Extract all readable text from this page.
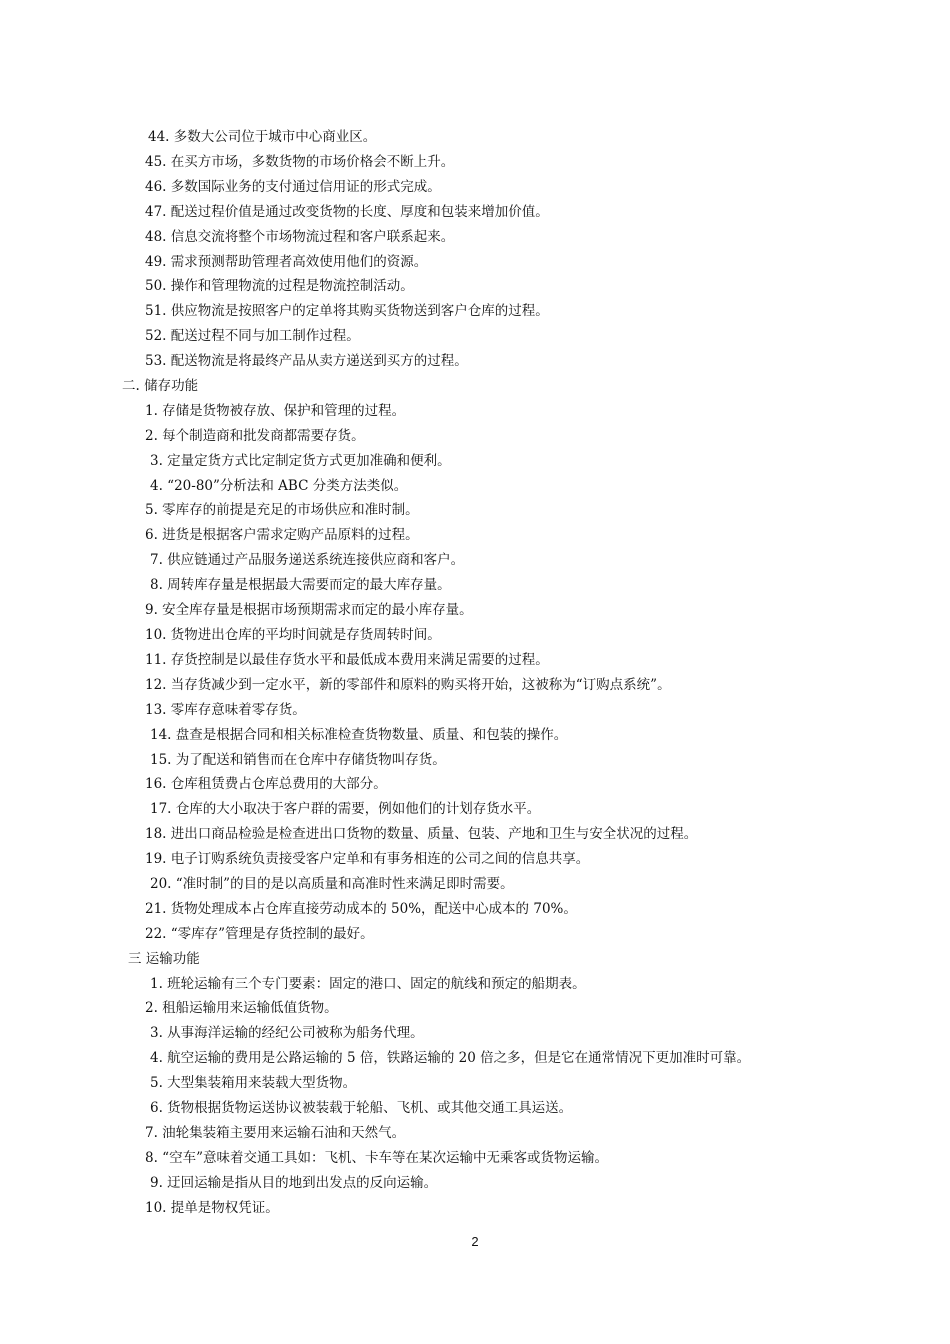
44. 多数大公司位于城市中心商业区。
45. 在买方市场，多数货物的市场价格会不断上升。
46. 多数国际业务的支付通过信用证的形式完成。
47. 配送过程价值是通过改变货物的长度、厚度和包装来增加价值。
48. 信息交流将整个市场物流过程和客户联系起来。
49. 需求预测帮助管理者高效使用他们的资源。
50. 操作和管理物流的过程是物流控制活动。
51. 供应物流是按照客户的定单将其购买货物送到客户仓库的过程。
52. 配送过程不同与加工制作过程。
53. 配送物流是将最终产品从卖方递送到买方的过程。
二. 储存功能
1. 存储是货物被存放、保护和管理的过程。
2. 每个制造商和批发商都需要存货。
3. 定量定货方式比定制定货方式更加准确和便利。
4. “20-80”分析法和 ABC 分类方法类似。
5. 零库存的前提是充足的市场供应和准时制。
6. 进货是根据客户需求定购产品原料的过程。
7. 供应链通过产品服务递送系统连接供应商和客户。
8. 周转库存量是根据最大需要而定的最大库存量。
9. 安全库存量是根据市场预期需求而定的最小库存量。
10. 货物进出仓库的平均时间就是存货周转时间。
11. 存货控制是以最佳存货水平和最低成本费用来满足需要的过程。
12. 当存货减少到一定水平，新的零部件和原料的购买将开始，这被称为“订购点系统”。
13. 零库存意味着零存货。
14. 盘查是根据合同和相关标准检查货物数量、质量、和包装的操作。
15. 为了配送和销售而在仓库中存储货物叫存货。
16. 仓库租赁费占仓库总费用的大部分。
17. 仓库的大小取决于客户群的需要，例如他们的计划存货水平。
18. 进出口商品检验是检查进出口货物的数量、质量、包装、产地和卫生与安全状况的过程。
19. 电子订购系统负责接受客户定单和有事务相连的公司之间的信息共享。
20. “准时制”的目的是以高质量和高准时性来满足即时需要。
21. 货物处理成本占仓库直接劳动成本的 50%，配送中心成本的 70%。
22. “零库存”管理是存货控制的最好。
三 运输功能
1. 班轮运输有三个专门要素：固定的港口、固定的航线和预定的船期表。
2. 租船运输用来运输低值货物。
3. 从事海洋运输的经纪公司被称为船务代理。
4. 航空运输的费用是公路运输的 5 倍，铁路运输的 20 倍之多，但是它在通常情况下更加准时可靠。
5. 大型集装箱用来装载大型货物。
6. 货物根据货物运送协议被装载于轮船、飞机、或其他交通工具运送。
7. 油轮集装箱主要用来运输石油和天然气。
8. “空车”意味着交通工具如：飞机、卡车等在某次运输中无乘客或货物运输。
9. 迂回运输是指从目的地到出发点的反向运输。
10. 提单是物权凭证。
2
